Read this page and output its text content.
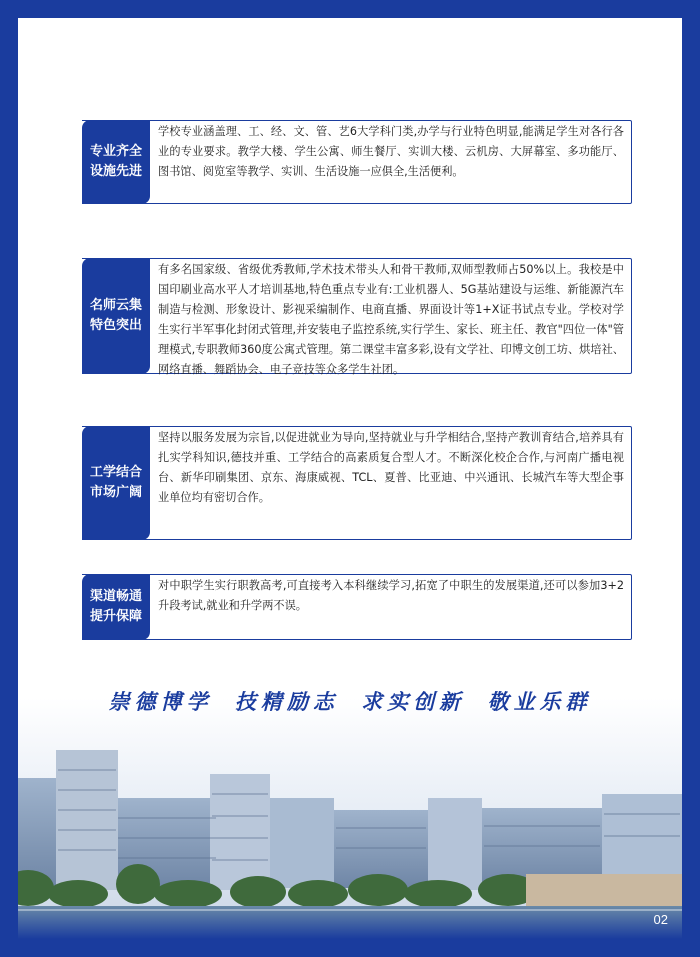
专业齐全
设施先进
学校专业涵盖理、工、经、文、管、艺6大学科门类,办学与行业特色明显,能满足学生对各行各业的专业要求。教学大楼、学生公寓、师生餐厅、实训大楼、云机房、大屏幕室、多功能厅、图书馆、阅览室等教学、实训、生活设施一应俱全,生活便利。
名师云集
特色突出
有多名国家级、省级优秀教师,学术技术带头人和骨干教师,双师型教师占50%以上。我校是中国印刷业高水平人才培训基地,特色重点专业有:工业机器人、5G基站建设与运维、新能源汽车制造与检测、形象设计、影视采编制作、电商直播、界面设计等1+X证书试点专业。学校对学生实行半军事化封闭式管理,并安装电子监控系统,实行学生、家长、班主任、教官"四位一体"管理模式,专职教师360度公寓式管理。第二课堂丰富多彩,设有文学社、印博文创工坊、烘培社、网络直播、舞蹈协会、电子竞技等众多学生社团。
工学结合
市场广阔
坚持以服务发展为宗旨,以促进就业为导向,坚持就业与升学相结合,坚持产教训育结合,培养具有扎实学科知识,德技并重、工学结合的高素质复合型人才。不断深化校企合作,与河南广播电视台、新华印刷集团、京东、海康威视、TCL、夏普、比亚迪、中兴通讯、长城汽车等大型企事业单位均有密切合作。
渠道畅通
提升保障
对中职学生实行职教高考,可直接考入本科继续学习,拓宽了中职生的发展渠道,还可以参加3+2升段考试,就业和升学两不误。
崇德博学 技精励志 求实创新 敬业乐群
02
